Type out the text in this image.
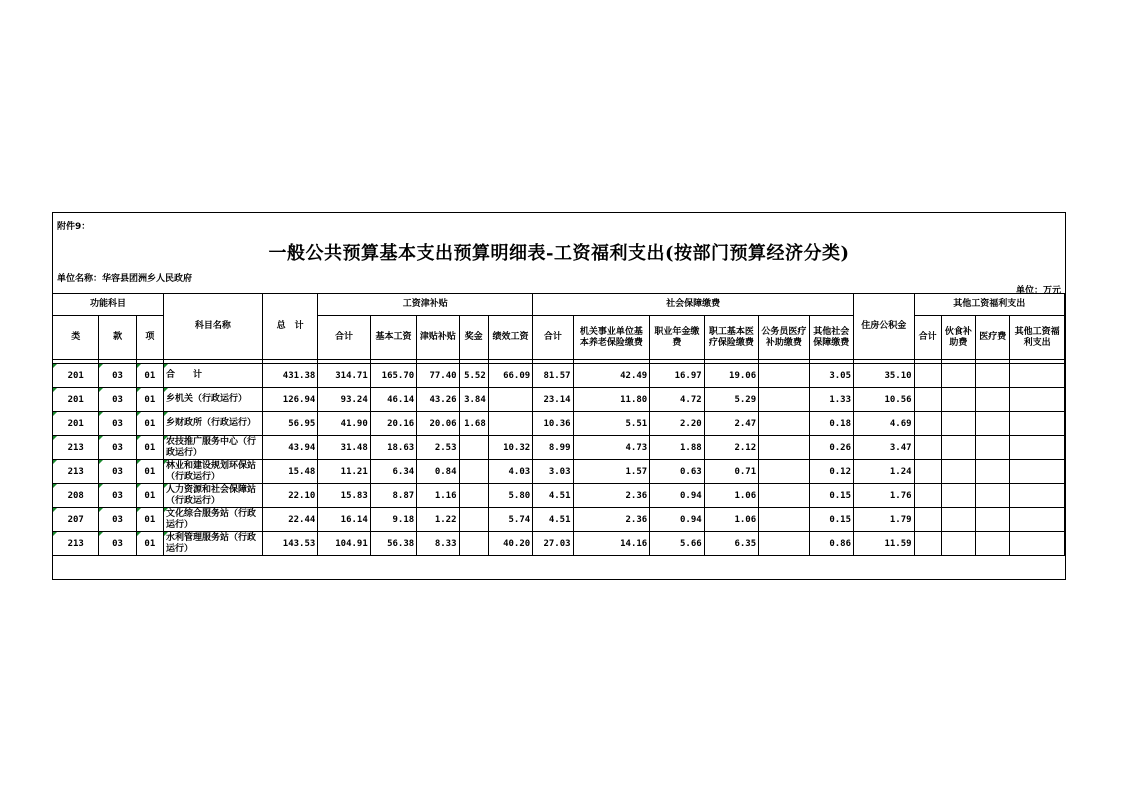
附件9：
一般公共预算基本支出预算明细表-工资福利支出(按部门预算经济分类)
单位名称：华容县团洲乡人民政府
单位：万元
功能科目			科目名称	总　计	工资津补贴					社会保障缴费						住房公积金	其他工资福利支出			
类	款	项			合计	基本工资	津贴补贴	奖金	绩效工资	合计	机关事业单位基本养老保险缴费	职业年金缴费	职工基本医疗保险缴费	公务员医疗补助缴费	其他社会保障缴费		合计	伙食补助费	医疗费	其他工资福利支出

201	03	01	合　　计	431.38	314.71	165.70	77.40	5.52	66.09	81.57	42.49	16.97	19.06		3.05	35.10				
201	03	01	乡机关（行政运行）	126.94	93.24	46.14	43.26	3.84		23.14	11.80	4.72	5.29		1.33	10.56				
201	03	01	乡财政所（行政运行）	56.95	41.90	20.16	20.06	1.68		10.36	5.51	2.20	2.47		0.18	4.69				
213	03	01	农技推广服务中心（行政运行）	43.94	31.48	18.63	2.53		10.32	8.99	4.73	1.88	2.12		0.26	3.47				
213	03	01	林业和建设规划环保站（行政运行）	15.48	11.21	6.34	0.84		4.03	3.03	1.57	0.63	0.71		0.12	1.24				
208	03	01	人力资源和社会保障站（行政运行）	22.10	15.83	8.87	1.16		5.80	4.51	2.36	0.94	1.06		0.15	1.76				
207	03	01	文化综合服务站（行政运行）	22.44	16.14	9.18	1.22		5.74	4.51	2.36	0.94	1.06		0.15	1.79				
213	03	01	水利管理服务站（行政运行）	143.53	104.91	56.38	8.33		40.20	27.03	14.16	5.66	6.35		0.86	11.59				
